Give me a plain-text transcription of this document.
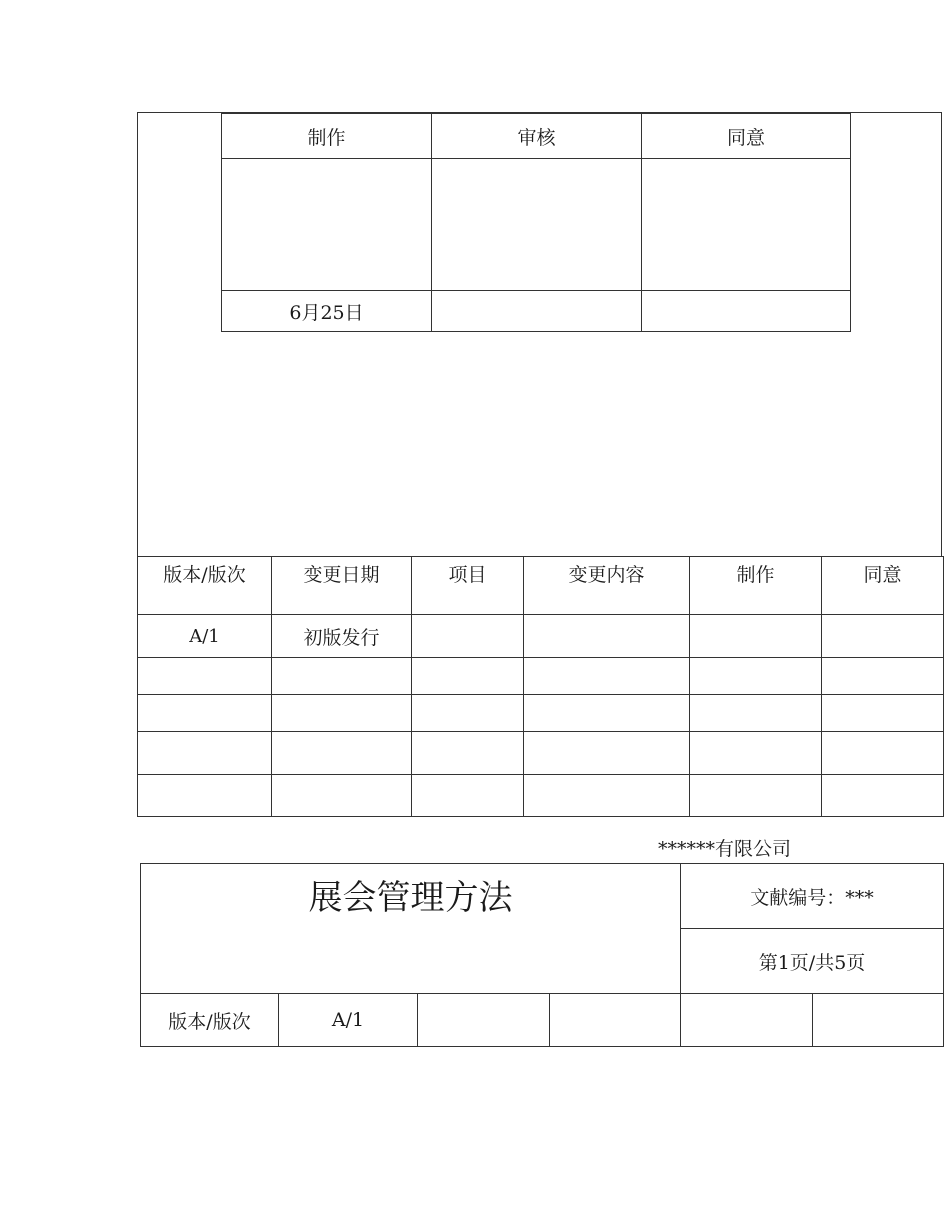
制作	审核	同意

6月25日		
版本/版次	变更日期	项目	变更内容	制作	同意
A/1	初版发行				

******有限公司
展会管理方法				文献编号：***	
				第1页/共5页	
版本/版次	A/1				
